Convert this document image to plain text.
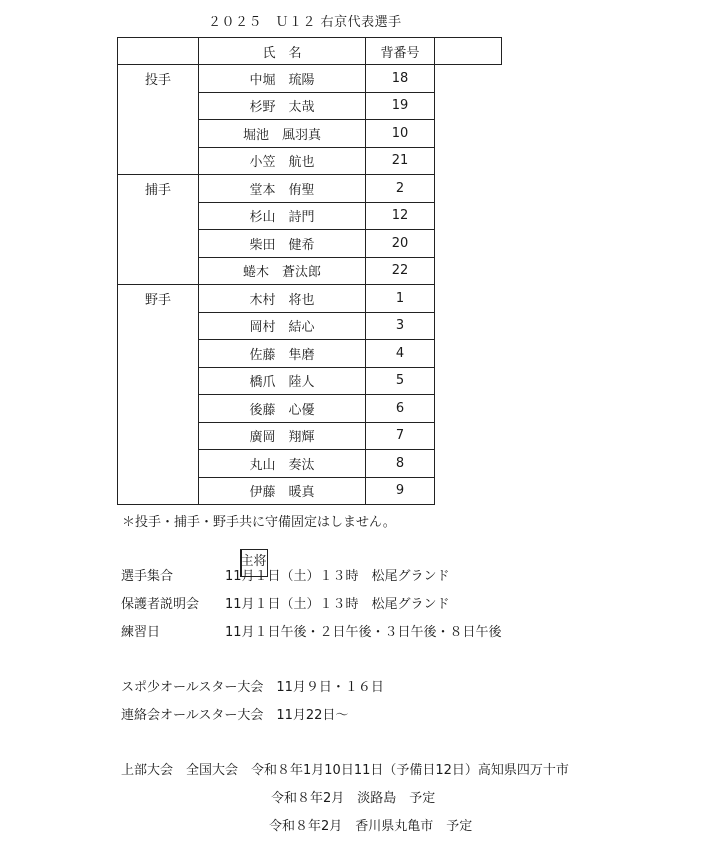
２０２５　Ｕ１２ 右京代表選手
	氏　名	背番号	
投手	中堀　琉陽	18	

	杉野　太哉	19	

	堀池　風羽真	10	
主将

	小笠　航也	21	

捕手	堂本　侑聖	2	

	杉山　詩門	12	

	柴田　健希	20	

	蜷木　蒼汰郎	22	

野手	木村　将也	1	

	岡村　結心	3	

	佐藤　隼磨	4	

	橋爪　陸人	5	

	後藤　心優	6	

	廣岡　翔輝	7	

	丸山　奏汰	8	

	伊藤　暖真	9	
＊投手・捕手・野手共に守備固定はしません。
選手集合	11月１日（土）１３時　松尾グランド
保護者説明会 11月１日（土）１３時　松尾グランド
練習日	11月１日午後・２日午後・３日午後・８日午後
スポ少オールスター大会　11月９日・１６日
連絡会オールスター大会　11月22日～
上部大会　全国大会　令和８年1月10日11日（予備日12日）高知県四万十市
令和８年2月　淡路島　予定
令和８年2月　香川県丸亀市　予定
